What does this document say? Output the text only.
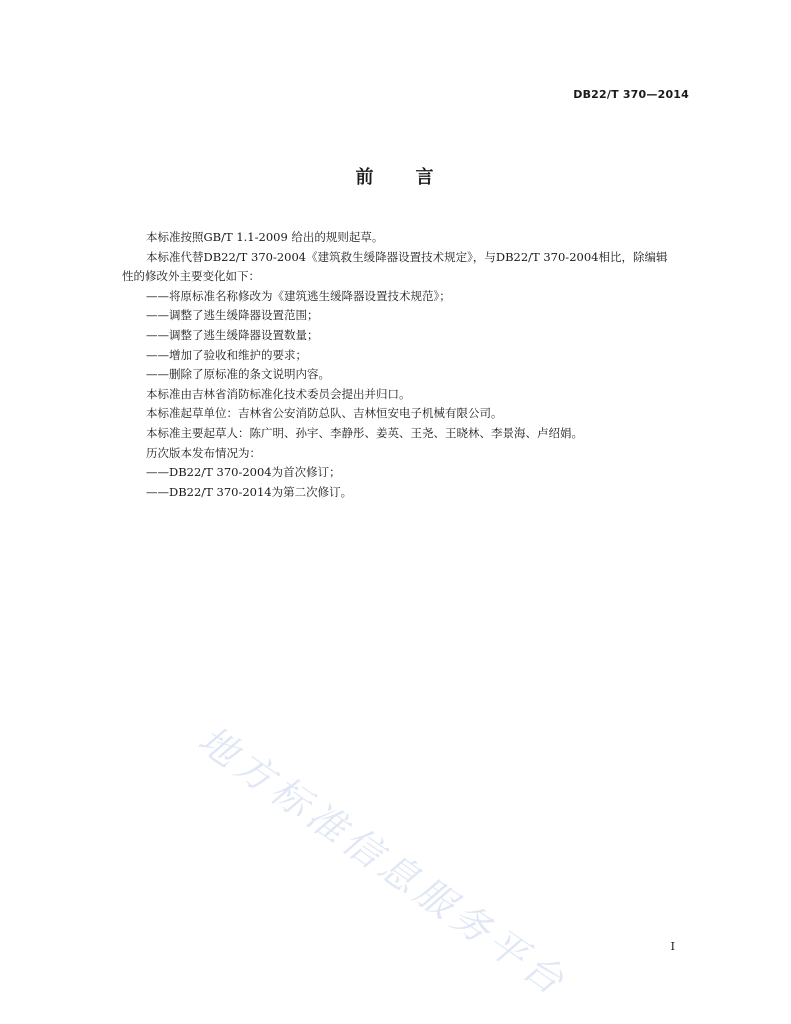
DB22/T 370—2014
前 言

本标准按照GB/T 1.1-2009 给出的规则起草。

本标准代替DB22/T 370-2004《建筑救生缓降器设置技术规定》，与DB22/T 370-2004相比，除编辑

性的修改外主要变化如下：

——将原标准名称修改为《建筑逃生缓降器设置技术规范》；

——调整了逃生缓降器设置范围；

——调整了逃生缓降器设置数量；

——增加了验收和维护的要求；

——删除了原标准的条文说明内容。

本标准由吉林省消防标准化技术委员会提出并归口。

本标准起草单位：吉林省公安消防总队、吉林恒安电子机械有限公司。

本标准主要起草人：陈广明、孙宇、李静彤、姜英、王尧、王晓林、李景海、卢绍娟。

历次版本发布情况为：

——DB22/T 370-2004为首次修订；

——DB22/T 370-2014为第二次修订。

地方标准信息服务平台	I
